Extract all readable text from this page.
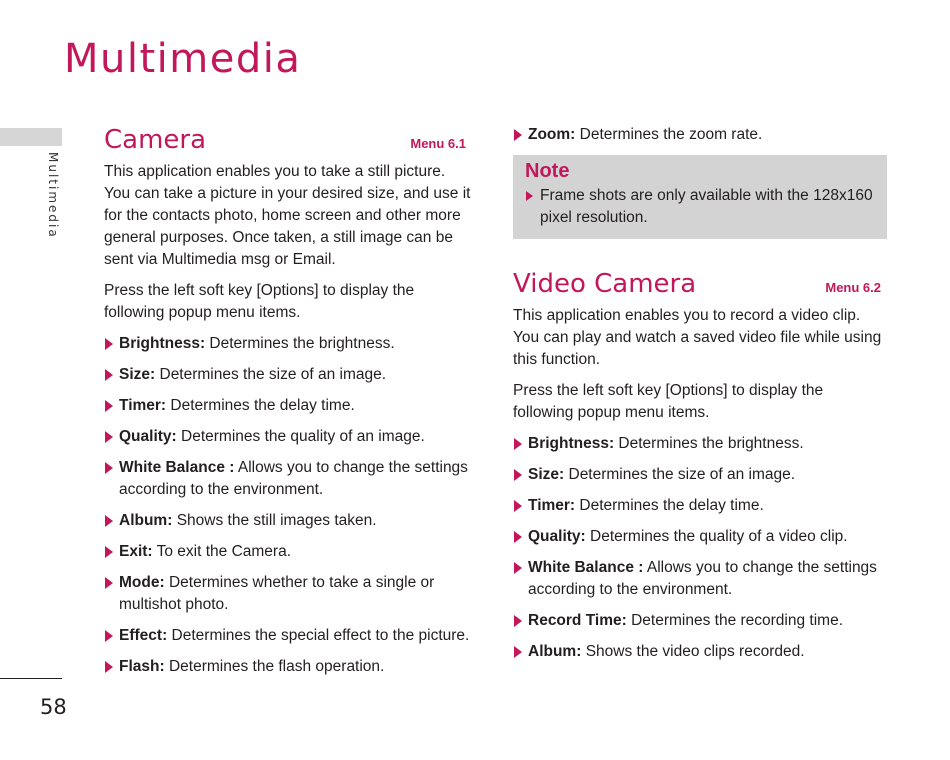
Multimedia
Multimedia
58
Camera	Menu 6.1

This application enables you to take a still picture. You can take a picture in your desired size, and use it for the contacts photo, home screen and other more general purposes. Once taken, a still image can be sent via Multimedia msg or Email.

Press the left soft key [Options] to display the following popup menu items.

Brightness: Determines the brightness.
Size: Determines the size of an image.
Timer: Determines the delay time.
Quality: Determines the quality of an image.
White Balance : Allows you to change the settings according to the environment.
Album: Shows the still images taken.
Exit: To exit the Camera.
Mode: Determines whether to take a single or multishot photo.
Effect: Determines the special effect to the picture.
Flash: Determines the flash operation.
Zoom: Determines the zoom rate.
Note
Frame shots are only available with the 128x160 pixel resolution.
Video Camera	Menu 6.2

This application enables you to record a video clip. You can play and watch a saved video file while using this function.

Press the left soft key [Options] to display the following popup menu items.

Brightness: Determines the brightness.
Size: Determines the size of an image.
Timer: Determines the delay time.
Quality: Determines the quality of a video clip.
White Balance : Allows you to change the settings according to the environment.
Record Time: Determines the recording time.
Album: Shows the video clips recorded.
